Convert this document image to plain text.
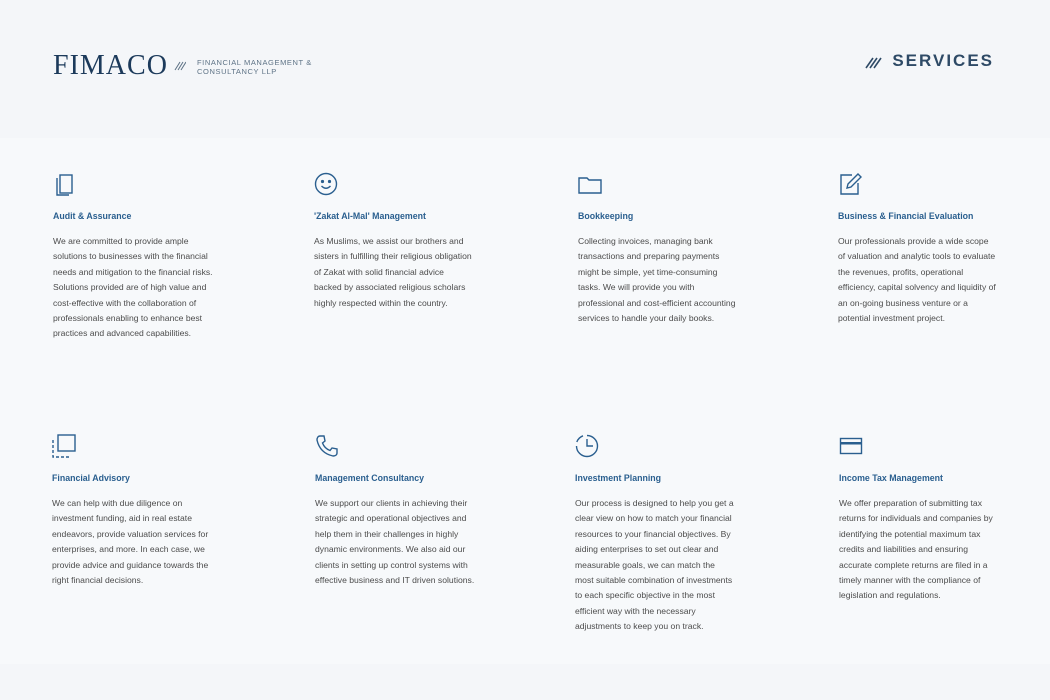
FIMACO	FINANCIAL MANAGEMENT &
CONSULTANCY LLP
SERVICES
Audit & Assurance
We are committed to provide ample solutions to businesses with the financial needs and mitigation to the financial risks. Solutions provided are of high value and cost-effective with the collaboration of professionals enabling to enhance best practices and advanced capabilities.
'Zakat Al-Mal' Management
As Muslims, we assist our brothers and sisters in fulfilling their religious obligation of Zakat with solid financial advice backed by associated religious scholars highly respected within the country.
Bookkeeping
Collecting invoices, managing bank transactions and preparing payments might be simple, yet time-consuming tasks. We will provide you with professional and cost-efficient accounting services to handle your daily books.
Business & Financial Evaluation
Our professionals provide a wide scope of valuation and analytic tools to evaluate the revenues, profits, operational efficiency, capital solvency and liquidity of an on-going business venture or a potential investment project.
Financial Advisory
We can help with due diligence on investment funding, aid in real estate endeavors, provide valuation services for enterprises, and more. In each case, we provide advice and guidance towards the right financial decisions.
Management Consultancy
We support our clients in achieving their strategic and operational objectives and help them in their challenges in highly dynamic environments. We also aid our clients in setting up control systems with effective business and IT driven solutions.
Investment Planning
Our process is designed to help you get a clear view on how to match your financial resources to your financial objectives. By aiding enterprises to set out clear and measurable goals, we can match the most suitable combination of investments to each specific objective in the most efficient way with the necessary adjustments to keep you on track.
Income Tax Management
We offer preparation of submitting tax returns for individuals and companies by identifying the potential maximum tax credits and liabilities and ensuring accurate complete returns are filed in a timely manner with the compliance of legislation and regulations.
